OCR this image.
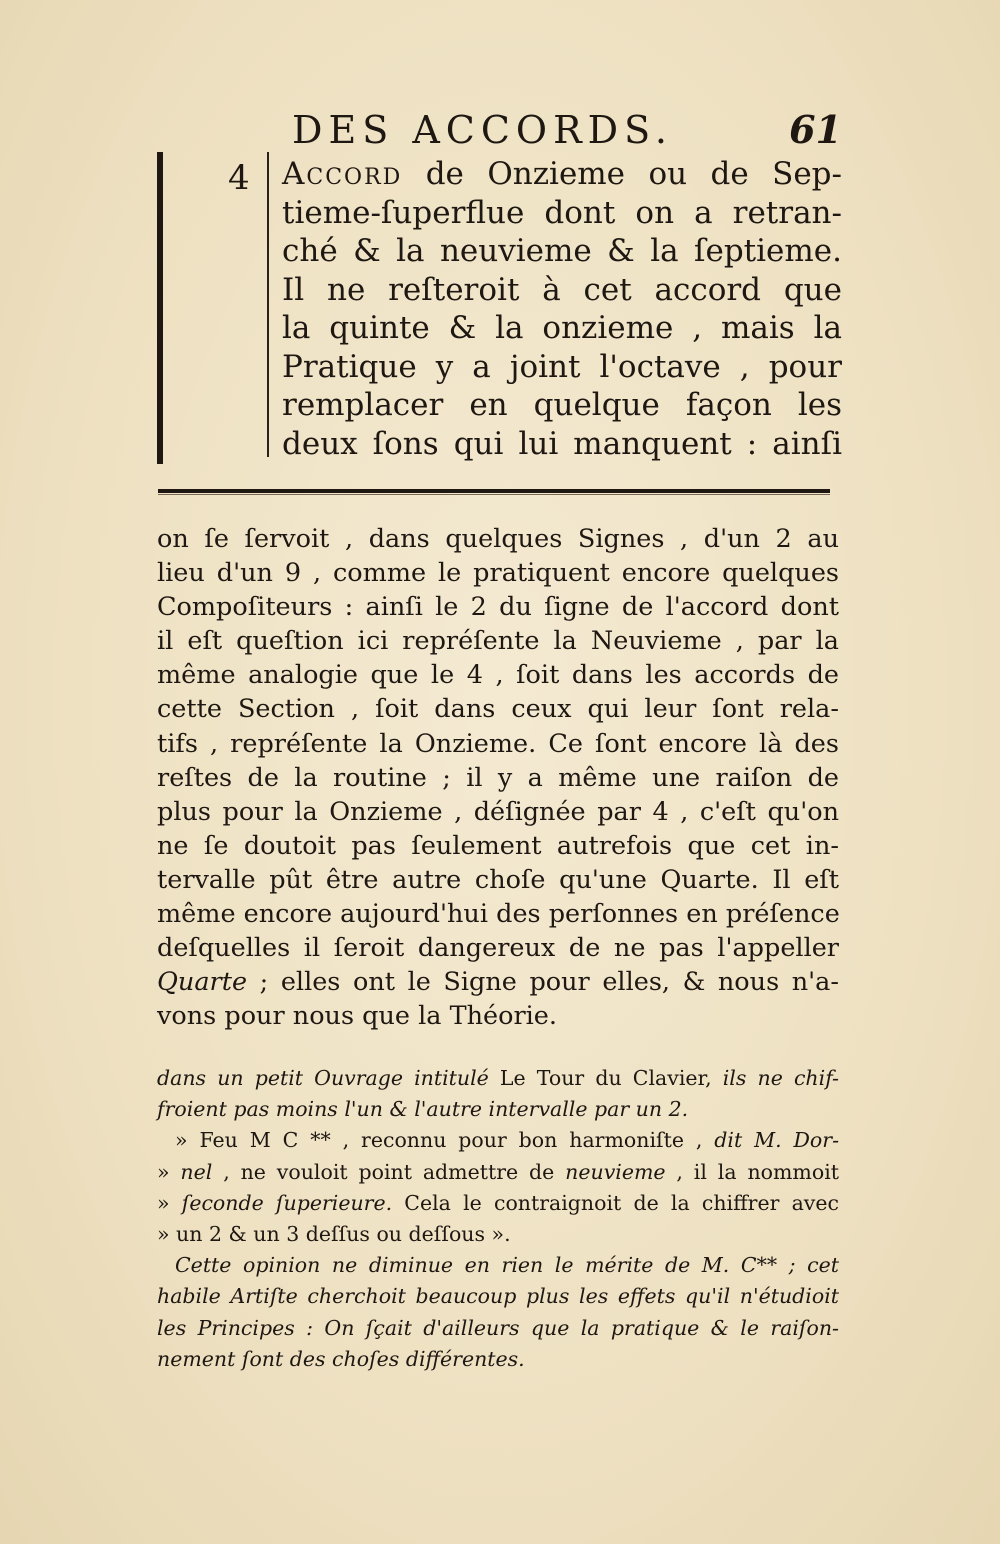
DES ACCORDS.	61
4 Accord de Onzieme ou de Sep-
tieme-ſuperflue dont on a retran-
ché & la neuvieme & la ſeptieme.
Il ne reſteroit à cet accord que
la quinte & la onzieme , mais la
Pratique y a joint l'octave , pour
remplacer en quelque façon les
deux ſons qui lui manquent : ainſi
on ſe ſervoit , dans quelques Signes , d'un 2 au
lieu d'un 9 , comme le pratiquent encore quelques
Compoſiteurs : ainſi le 2 du ſigne de l'accord dont
il eſt queſtion ici repréſente la Neuvieme , par la
même analogie que le 4 , ſoit dans les accords de
cette Section , ſoit dans ceux qui leur ſont rela-
tifs , repréſente la Onzieme. Ce ſont encore là des
reſtes de la routine ; il y a même une raiſon de
plus pour la Onzieme , déſignée par 4 , c'eſt qu'on
ne ſe doutoit pas ſeulement autrefois que cet in-
tervalle pût être autre choſe qu'une Quarte. Il eſt
même encore aujourd'hui des perſonnes en préſence
deſquelles il ſeroit dangereux de ne pas l'appeller
Quarte ; elles ont le Signe pour elles, & nous n'a-
vons pour nous que la Théorie.
dans un petit Ouvrage intitulé Le Tour du Clavier, ils ne chif-
froient pas moins l'un & l'autre intervalle par un 2.
» Feu M C ** , reconnu pour bon harmoniſte , dit M. Dor-
» nel , ne vouloit point admettre de neuvieme , il la nommoit
» ſeconde ſuperieure. Cela le contraignoit de la chiffrer avec
» un 2 & un 3 deſſus ou deſſous ».
Cette opinion ne diminue en rien le mérite de M. C** ; cet
habile Artiſte cherchoit beaucoup plus les effets qu'il n'étudioit
les Principes : On ſçait d'ailleurs que la pratique & le raiſon-
nement ſont des choſes différentes.
